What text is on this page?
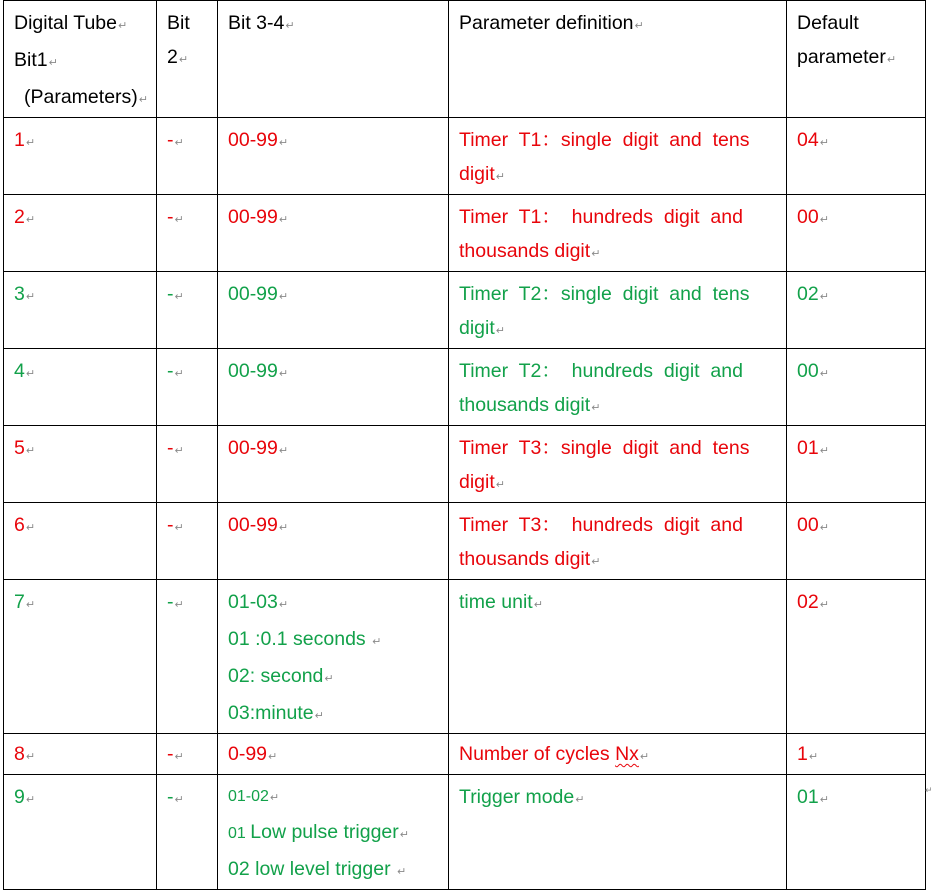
Digital Tube↵
Bit1↵
(Parameters)↵	Bit
2↵	Bit 3-4↵	Parameter definition↵	Default
parameter↵

1↵	-↵	00-99↵	Timer  T1：single  digit  and  tens
digit↵	04↵
2↵	-↵	00-99↵	Timer  T1：  hundreds  digit  and
thousands digit↵	00↵
3↵	-↵	00-99↵	Timer  T2：single  digit  and  tens
digit↵	02↵
4↵	-↵	00-99↵	Timer  T2：  hundreds  digit  and
thousands digit↵	00↵
5↵	-↵	00-99↵	Timer  T3：single  digit  and  tens
digit↵	01↵
6↵	-↵	00-99↵	Timer  T3：  hundreds  digit  and
thousands digit↵	00↵
7↵	-↵	01-03↵
01 :0.1 seconds ↵
02: second↵
03:minute↵	time unit↵	02↵
8↵	-↵	0-99↵	Number of cycles Nx↵	1↵
9↵	-↵	01-02↵
01 Low pulse trigger↵
02 low level trigger ↵	Trigger mode↵	01↵
↵
